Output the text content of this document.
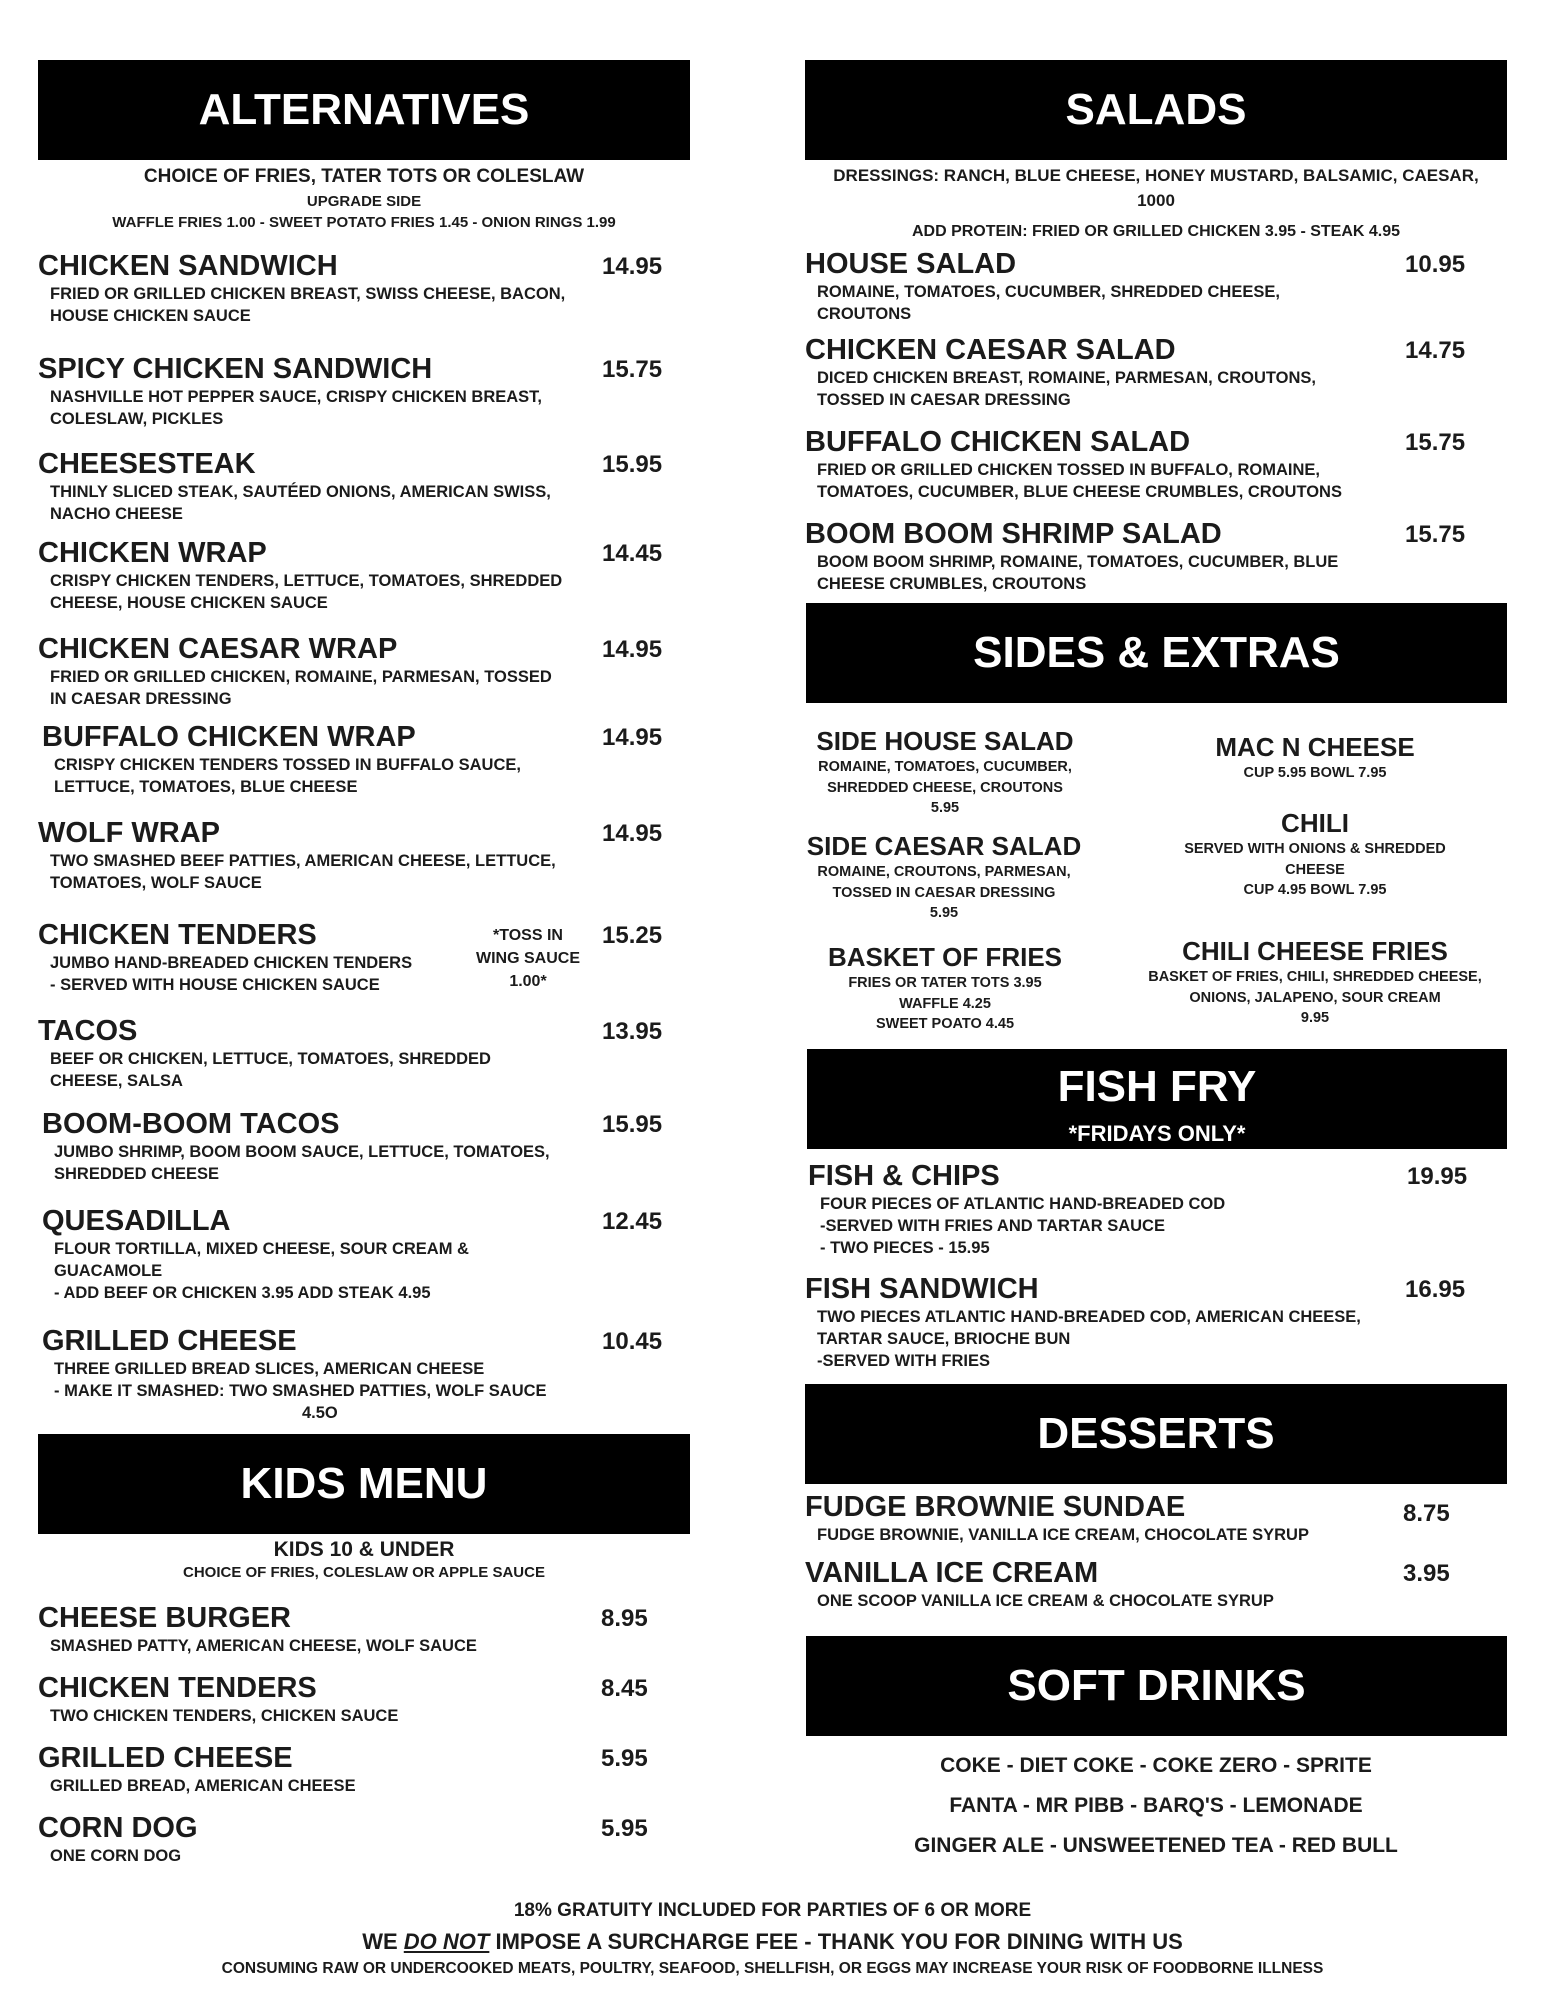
ALTERNATIVES
CHOICE OF FRIES, TATER TOTS OR COLESLAW
UPGRADE SIDE
WAFFLE FRIES 1.00 - SWEET POTATO FRIES 1.45 - ONION RINGS 1.99
CHICKEN SANDWICH	14.95
FRIED OR GRILLED CHICKEN BREAST, SWISS CHEESE, BACON,
HOUSE CHICKEN SAUCE
SPICY CHICKEN SANDWICH	15.75
NASHVILLE HOT PEPPER SAUCE, CRISPY CHICKEN BREAST,
COLESLAW, PICKLES
CHEESESTEAK	15.95
THINLY SLICED STEAK, SAUTÉED ONIONS, AMERICAN SWISS,
NACHO CHEESE
CHICKEN WRAP	14.45
CRISPY CHICKEN TENDERS, LETTUCE, TOMATOES, SHREDDED
CHEESE, HOUSE CHICKEN SAUCE
CHICKEN CAESAR WRAP	14.95
FRIED OR GRILLED CHICKEN, ROMAINE, PARMESAN, TOSSED
IN CAESAR DRESSING
BUFFALO CHICKEN WRAP	14.95
CRISPY CHICKEN TENDERS TOSSED IN BUFFALO SAUCE,
LETTUCE, TOMATOES, BLUE CHEESE
WOLF WRAP	14.95
TWO SMASHED BEEF PATTIES, AMERICAN CHEESE, LETTUCE,
TOMATOES, WOLF SAUCE
CHICKEN TENDERS	15.25
JUMBO HAND-BREADED CHICKEN TENDERS
- SERVED WITH HOUSE CHICKEN SAUCE
*TOSS IN
WING SAUCE
1.00*
TACOS	13.95
BEEF OR CHICKEN, LETTUCE, TOMATOES, SHREDDED
CHEESE, SALSA
BOOM-BOOM TACOS	15.95
JUMBO SHRIMP, BOOM BOOM SAUCE, LETTUCE, TOMATOES,
SHREDDED CHEESE
QUESADILLA	12.45
FLOUR TORTILLA, MIXED CHEESE, SOUR CREAM &
GUACAMOLE
- ADD BEEF OR CHICKEN 3.95 ADD STEAK 4.95
GRILLED CHEESE	10.45
THREE GRILLED BREAD SLICES, AMERICAN CHEESE
- MAKE IT SMASHED: TWO SMASHED PATTIES, WOLF SAUCE
4.5O
KIDS MENU
KIDS 10 & UNDER
CHOICE OF FRIES, COLESLAW OR APPLE SAUCE
CHEESE BURGER	8.95
SMASHED PATTY, AMERICAN CHEESE, WOLF SAUCE
CHICKEN TENDERS	8.45
TWO CHICKEN TENDERS, CHICKEN SAUCE
GRILLED CHEESE	5.95
GRILLED BREAD, AMERICAN CHEESE
CORN DOG	5.95
ONE CORN DOG
SALADS
DRESSINGS: RANCH, BLUE CHEESE, HONEY MUSTARD, BALSAMIC, CAESAR,
1000
ADD PROTEIN: FRIED OR GRILLED CHICKEN 3.95 - STEAK 4.95
HOUSE SALAD	10.95
ROMAINE, TOMATOES, CUCUMBER, SHREDDED CHEESE,
CROUTONS
CHICKEN CAESAR SALAD	14.75
DICED CHICKEN BREAST, ROMAINE, PARMESAN, CROUTONS,
TOSSED IN CAESAR DRESSING
BUFFALO CHICKEN SALAD	15.75
FRIED OR GRILLED CHICKEN TOSSED IN BUFFALO, ROMAINE,
TOMATOES, CUCUMBER, BLUE CHEESE CRUMBLES, CROUTONS
BOOM BOOM SHRIMP SALAD	15.75
BOOM BOOM SHRIMP, ROMAINE, TOMATOES, CUCUMBER, BLUE
CHEESE CRUMBLES, CROUTONS
SIDES & EXTRAS
SIDE HOUSE SALAD
ROMAINE, TOMATOES, CUCUMBER,
SHREDDED CHEESE, CROUTONS
5.95
SIDE CAESAR SALAD
ROMAINE, CROUTONS, PARMESAN,
TOSSED IN CAESAR DRESSING
5.95
BASKET OF FRIES
FRIES OR TATER TOTS 3.95
WAFFLE 4.25
SWEET POATO 4.45
MAC N CHEESE
CUP 5.95 BOWL 7.95
CHILI
SERVED WITH ONIONS & SHREDDED
CHEESE
CUP 4.95 BOWL 7.95
CHILI CHEESE FRIES
BASKET OF FRIES, CHILI, SHREDDED CHEESE,
ONIONS, JALAPENO, SOUR CREAM
9.95
FISH FRY
*FRIDAYS ONLY*
FISH & CHIPS	19.95
FOUR PIECES OF ATLANTIC HAND-BREADED COD
-SERVED WITH FRIES AND TARTAR SAUCE
- TWO PIECES - 15.95
FISH SANDWICH	16.95
TWO PIECES ATLANTIC HAND-BREADED COD, AMERICAN CHEESE,
TARTAR SAUCE, BRIOCHE BUN
-SERVED WITH FRIES
DESSERTS
FUDGE BROWNIE SUNDAE	8.75
FUDGE BROWNIE, VANILLA ICE CREAM, CHOCOLATE SYRUP
VANILLA ICE CREAM	3.95
ONE SCOOP VANILLA ICE CREAM & CHOCOLATE SYRUP
SOFT DRINKS
COKE - DIET COKE - COKE ZERO - SPRITE
FANTA - MR PIBB - BARQ'S - LEMONADE
GINGER ALE - UNSWEETENED TEA - RED BULL
18% GRATUITY INCLUDED FOR PARTIES OF 6 OR MORE
WE DO NOT IMPOSE A SURCHARGE FEE - THANK YOU FOR DINING WITH US
CONSUMING RAW OR UNDERCOOKED MEATS, POULTRY, SEAFOOD, SHELLFISH, OR EGGS MAY INCREASE YOUR RISK OF FOODBORNE ILLNESS
